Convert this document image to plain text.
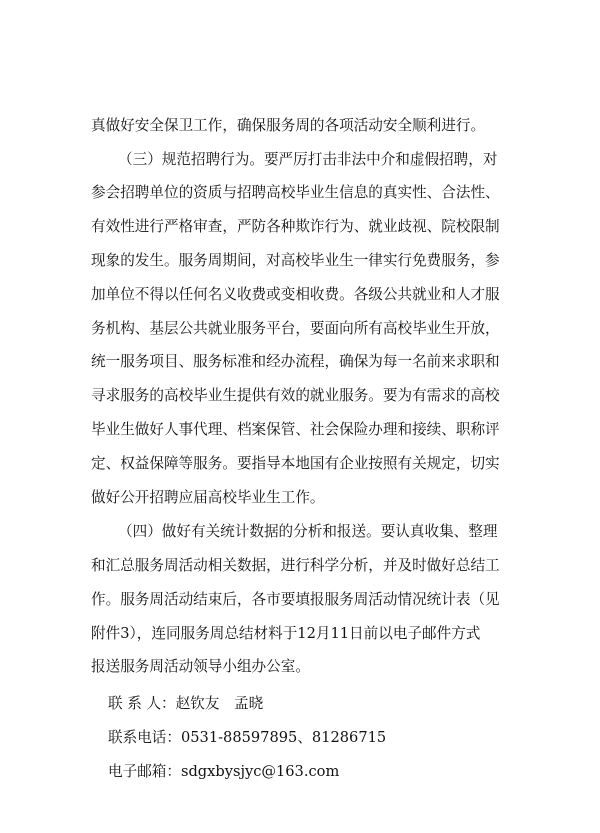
真做好安全保卫工作，确保服务周的各项活动安全顺利进行。
（三）规范招聘行为。要严厉打击非法中介和虚假招聘，对
参会招聘单位的资质与招聘高校毕业生信息的真实性、合法性、
有效性进行严格审查，严防各种欺诈行为、就业歧视、院校限制
现象的发生。服务周期间，对高校毕业生一律实行免费服务，参
加单位不得以任何名义收费或变相收费。各级公共就业和人才服
务机构、基层公共就业服务平台，要面向所有高校毕业生开放，
统一服务项目、服务标准和经办流程，确保为每一名前来求职和
寻求服务的高校毕业生提供有效的就业服务。要为有需求的高校
毕业生做好人事代理、档案保管、社会保险办理和接续、职称评
定、权益保障等服务。要指导本地国有企业按照有关规定，切实
做好公开招聘应届高校毕业生工作。
（四）做好有关统计数据的分析和报送。要认真收集、整理
和汇总服务周活动相关数据，进行科学分析，并及时做好总结工
作。服务周活动结束后，各市要填报服务周活动情况统计表（见
附件3），连同服务周总结材料于12月11日前以电子邮件方式
报送服务周活动领导小组办公室。
联 系 人：赵钦友　孟晓
联系电话：0531-88597895、81286715
电子邮箱：sdgxbysjyc@163.com
